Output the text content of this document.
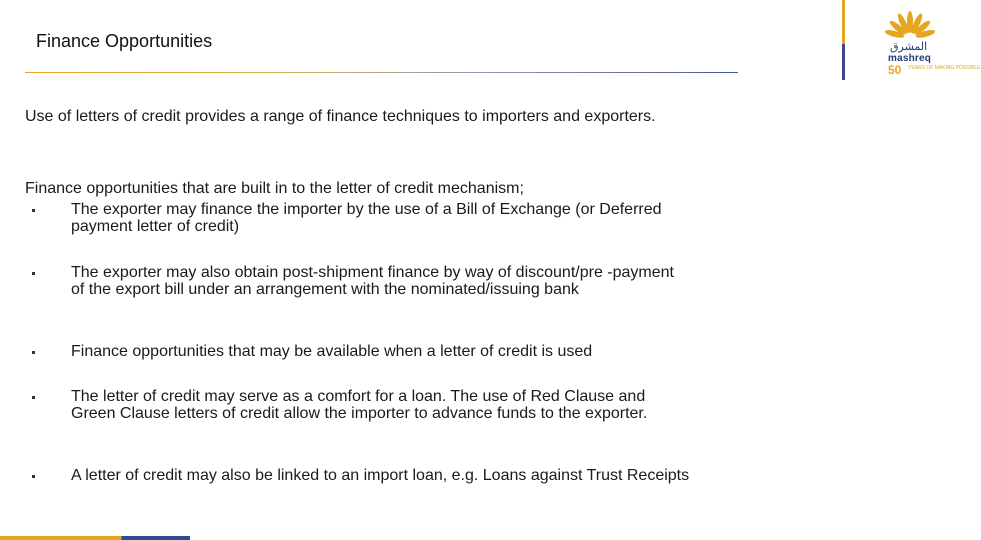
Finance Opportunities
Use of letters of credit provides a range of finance techniques to importers and exporters.
Finance opportunities that are built in to the letter of credit mechanism;
The exporter may finance the importer by the use of a Bill of Exchange (or Deferred payment letter of credit)
The exporter may also obtain post-shipment finance by way of discount/pre -payment of the export bill under an arrangement with the nominated/issuing bank
Finance opportunities that may be available when a letter of credit is used
The letter of credit may serve as a comfort for a loan. The use of Red Clause and Green Clause letters of credit allow the importer to advance funds to the exporter.
A letter of credit may also be linked to an import loan, e.g. Loans against Trust Receipts
المشرق
mashreq
50 YEARS OF MAKING POSSIBLE
